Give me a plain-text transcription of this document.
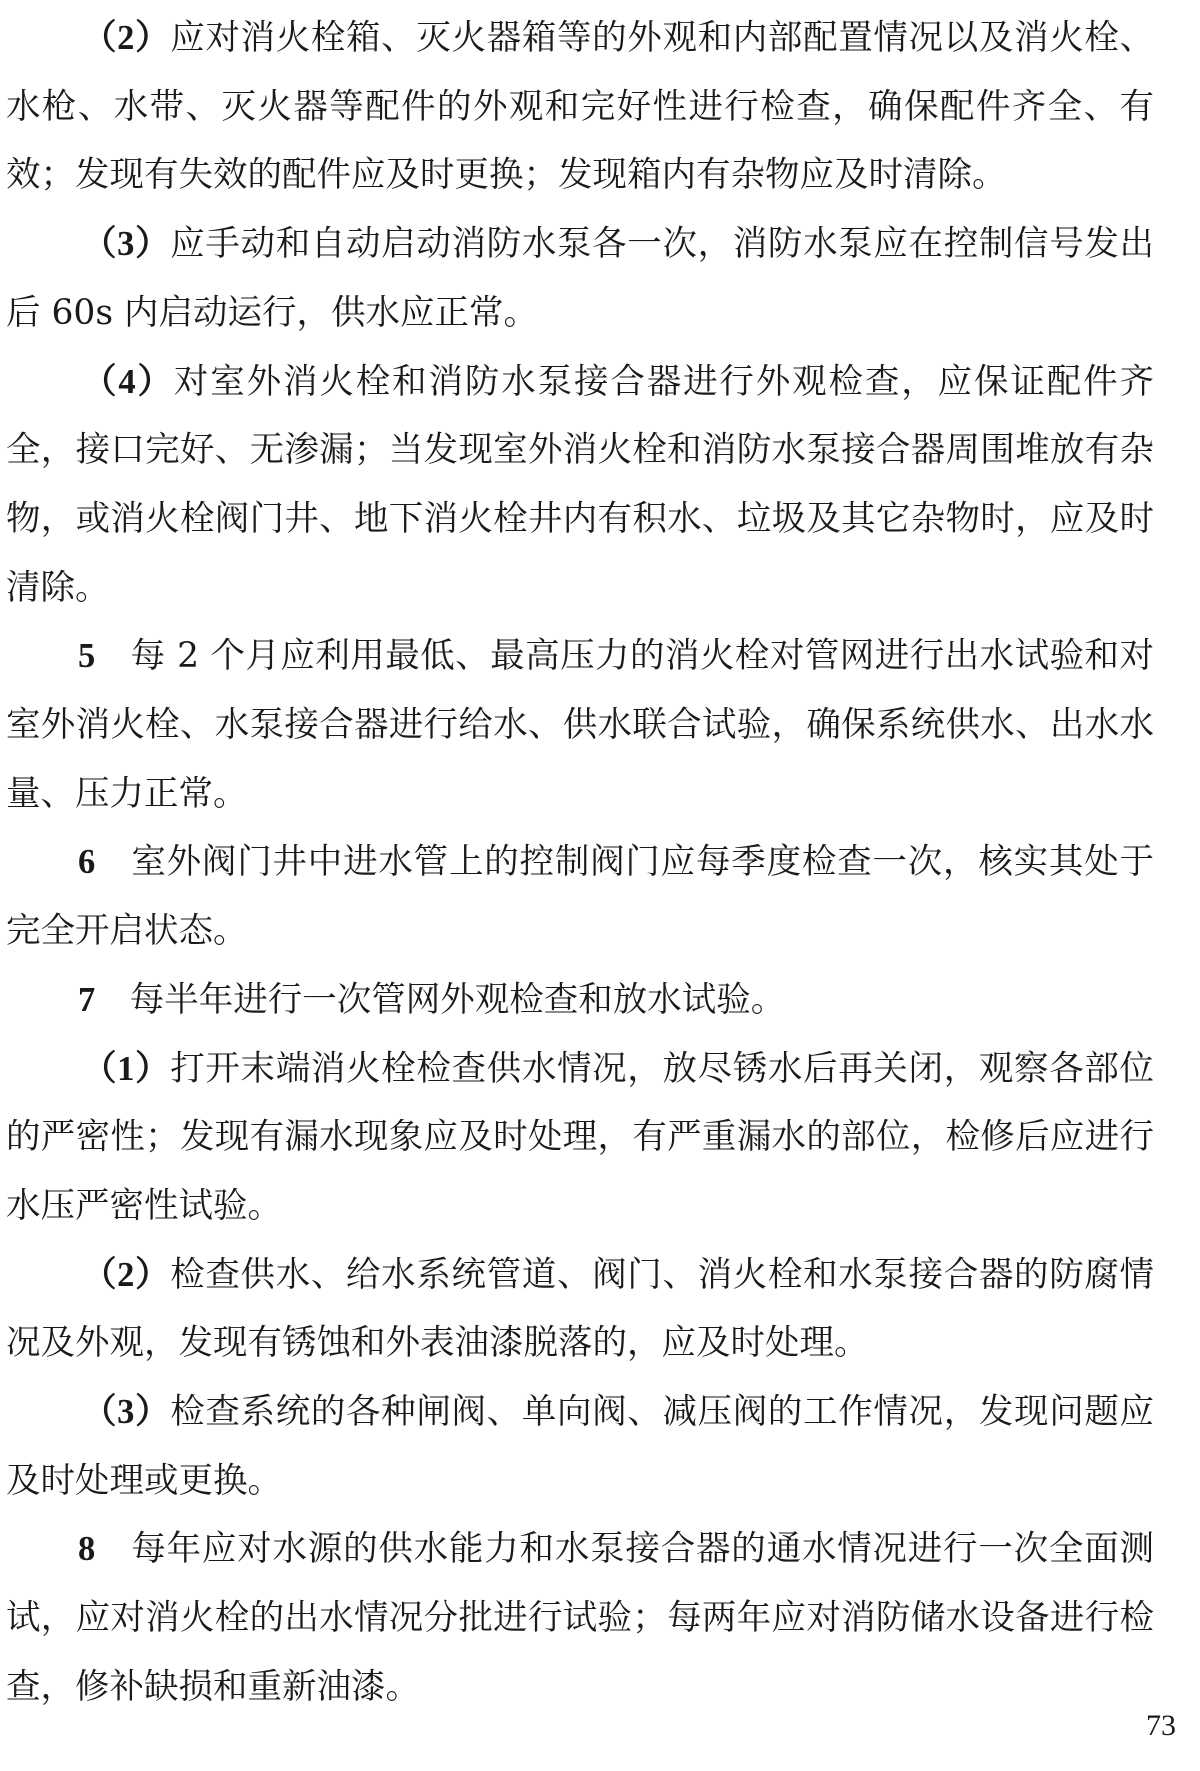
（2）应对消火栓箱、灭火器箱等的外观和内部配置情况以及消火栓、水枪、水带、灭火器等配件的外观和完好性进行检查，确保配件齐全、有效；发现有失效的配件应及时更换；发现箱内有杂物应及时清除。

（3）应手动和自动启动消防水泵各一次，消防水泵应在控制信号发出后 60s 内启动运行，供水应正常。

（4）对室外消火栓和消防水泵接合器进行外观检查，应保证配件齐全，接口完好、无渗漏；当发现室外消火栓和消防水泵接合器周围堆放有杂物，或消火栓阀门井、地下消火栓井内有积水、垃圾及其它杂物时，应及时清除。

5　每 2 个月应利用最低、最高压力的消火栓对管网进行出水试验和对室外消火栓、水泵接合器进行给水、供水联合试验，确保系统供水、出水水量、压力正常。

6　室外阀门井中进水管上的控制阀门应每季度检查一次，核实其处于完全开启状态。

7　每半年进行一次管网外观检查和放水试验。

（1）打开末端消火栓检查供水情况，放尽锈水后再关闭，观察各部位的严密性；发现有漏水现象应及时处理，有严重漏水的部位，检修后应进行水压严密性试验。

（2）检查供水、给水系统管道、阀门、消火栓和水泵接合器的防腐情况及外观，发现有锈蚀和外表油漆脱落的，应及时处理。

（3）检查系统的各种闸阀、单向阀、减压阀的工作情况，发现问题应及时处理或更换。

8　每年应对水源的供水能力和水泵接合器的通水情况进行一次全面测试，应对消火栓的出水情况分批进行试验；每两年应对消防储水设备进行检查，修补缺损和重新油漆。

73
